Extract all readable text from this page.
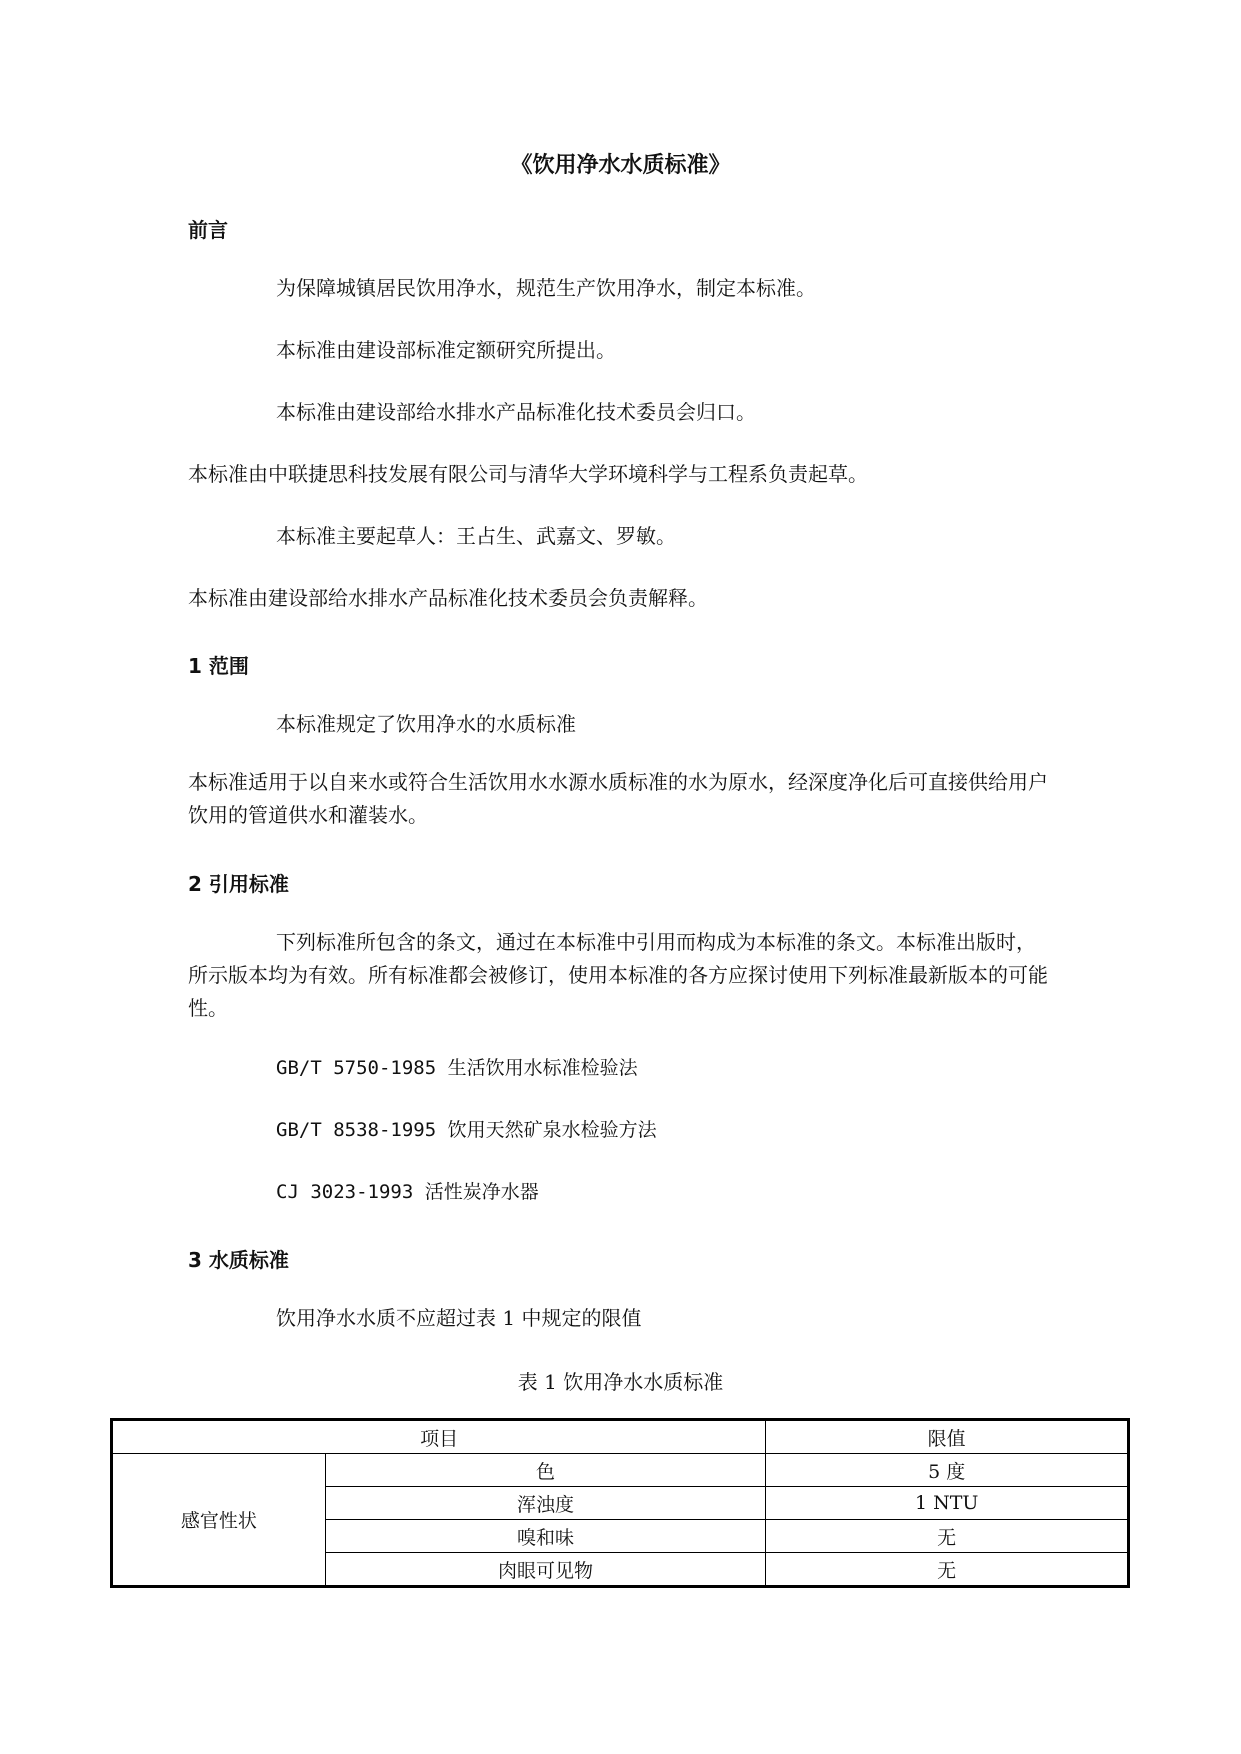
《饮用净水水质标准》
前言
为保障城镇居民饮用净水，规范生产饮用净水，制定本标准。
本标准由建设部标准定额研究所提出。
本标准由建设部给水排水产品标准化技术委员会归口。
本标准由中联捷思科技发展有限公司与清华大学环境科学与工程系负责起草。
本标准主要起草人：王占生、武嘉文、罗敏。
本标准由建设部给水排水产品标准化技术委员会负责解释。
1 范围
本标准规定了饮用净水的水质标准
本标准适用于以自来水或符合生活饮用水水源水质标准的水为原水，经深度净化后可直接供给用户饮用的管道供水和灌装水。
2 引用标准
下列标准所包含的条文，通过在本标准中引用而构成为本标准的条文。本标准出版时，所示版本均为有效。所有标准都会被修订，使用本标准的各方应探讨使用下列标准最新版本的可能性。
GB/T 5750-1985 生活饮用水标准检验法
GB/T 8538-1995 饮用天然矿泉水检验方法
CJ 3023-1993 活性炭净水器
3 水质标准
饮用净水水质不应超过表 1 中规定的限值
表 1 饮用净水水质标准
项目		限值
感官性状	色	5 度
	浑浊度	1 NTU
	嗅和味	无
	肉眼可见物	无
